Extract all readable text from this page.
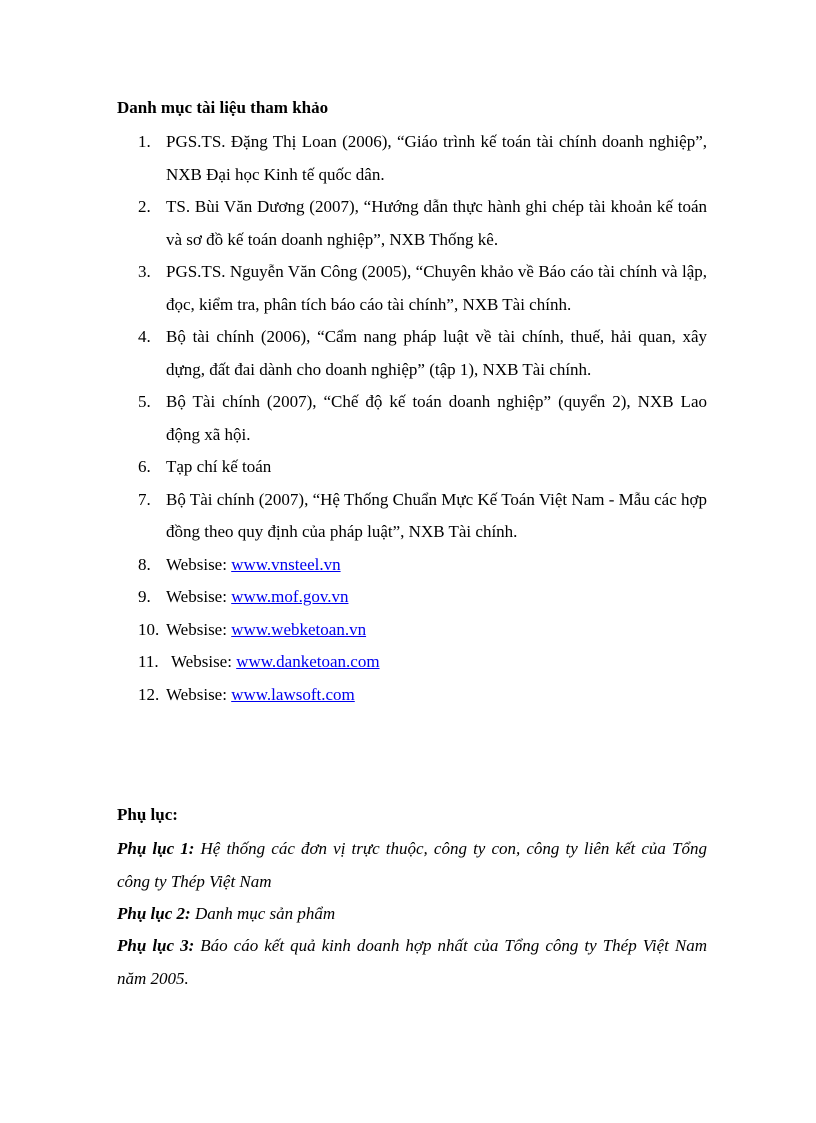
Danh mục tài liệu tham khảo
1. PGS.TS. Đặng Thị Loan (2006), “Giáo trình kế toán tài chính doanh nghiệp”, NXB Đại học Kinh tế quốc dân.
2. TS. Bùi Văn Dương (2007), “Hướng dẫn thực hành ghi chép tài khoản kế toán và sơ đồ kế toán doanh nghiệp”, NXB Thống kê.
3. PGS.TS. Nguyễn Văn Công (2005), “Chuyên khảo về Báo cáo tài chính và lập, đọc, kiểm tra, phân tích báo cáo tài chính”, NXB Tài chính.
4. Bộ tài chính (2006), “Cẩm nang pháp luật về tài chính, thuế, hải quan, xây dựng, đất đai dành cho doanh nghiệp” (tập 1), NXB Tài chính.
5. Bộ Tài chính (2007), “Chế độ kế toán doanh nghiệp” (quyển 2), NXB Lao động xã hội.
6. Tạp chí kế toán
7. Bộ Tài chính (2007), “Hệ Thống Chuẩn Mực Kế Toán Việt Nam - Mẫu các hợp đồng theo quy định của pháp luật”, NXB Tài chính.
8. Websise: www.vnsteel.vn
9. Websise: www.mof.gov.vn
10. Websise: www.webketoan.vn
11. Websise: www.danketoan.com
12. Websise: www.lawsoft.com
Phụ lục:
Phụ lục 1: Hệ thống các đơn vị trực thuộc, công ty con, công ty liên kết của Tổng công ty Thép Việt Nam
Phụ lục 2: Danh mục sản phẩm
Phụ lục 3: Báo cáo kết quả kinh doanh hợp nhất của Tổng công ty Thép Việt Nam năm 2005.
